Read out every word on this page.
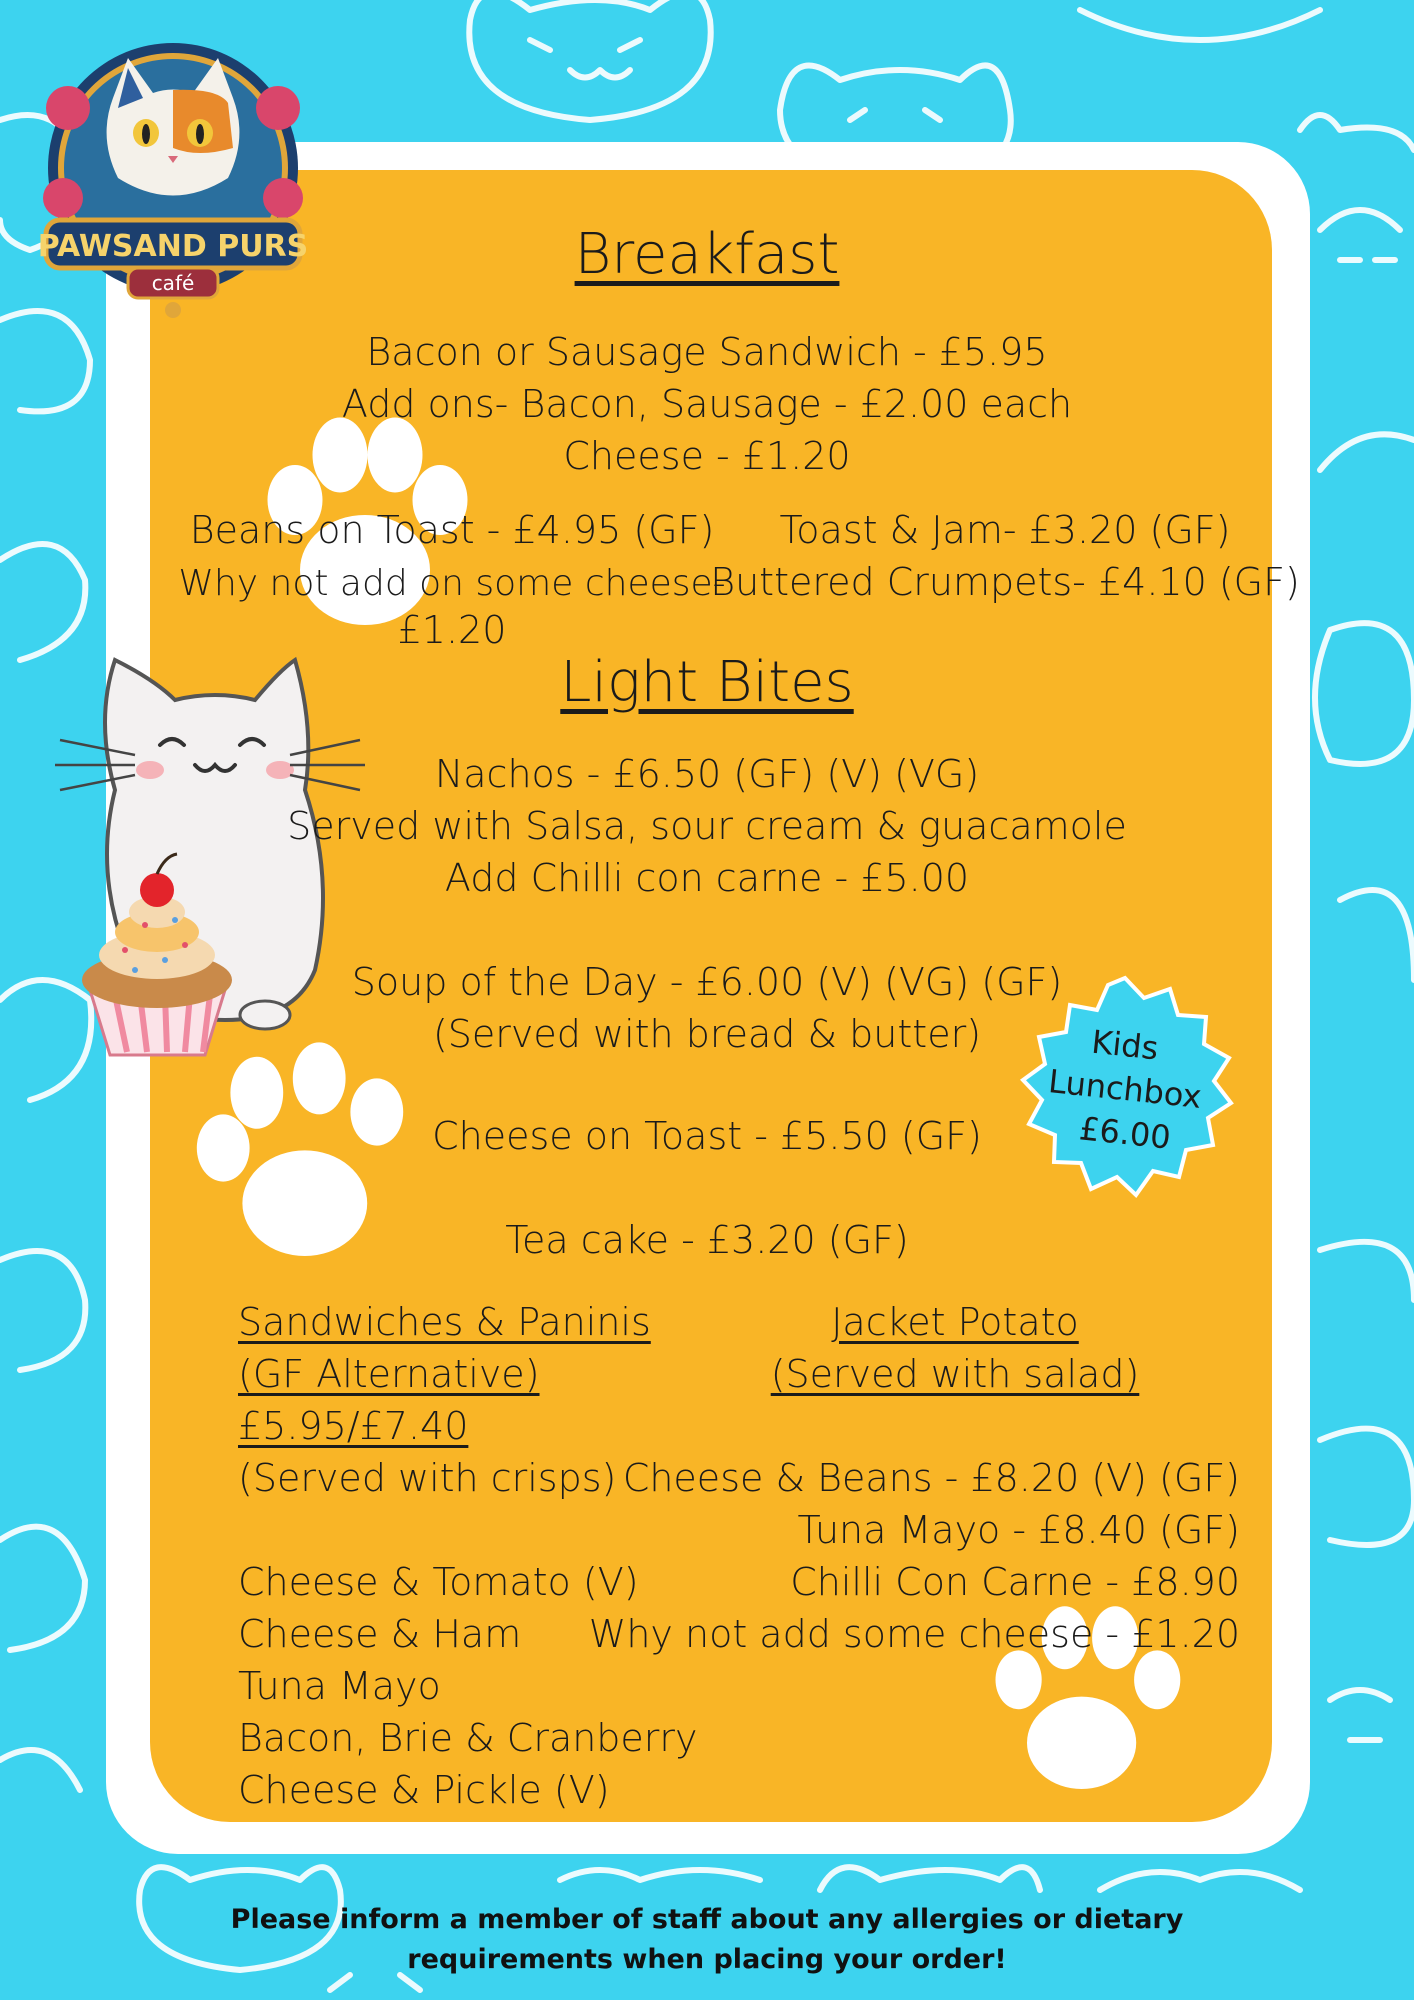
PAWSAND PURS
café	Breakfast
Bacon or Sausage Sandwich - £5.95
Add ons- Bacon, Sausage - £2.00 each
Cheese - £1.20
Beans on Toast - £4.95 (GF)
Why not add on some cheese-
£1.20
Toast & Jam- £3.20 (GF)
Buttered Crumpets- £4.10 (GF)
Light Bites
Nachos - £6.50 (GF) (V) (VG)
Served with Salsa, sour cream & guacamole
Add Chilli con carne - £5.00
Soup of the Day - £6.00 (V) (VG) (GF)
(Served with bread & butter)
Cheese on Toast - £5.50 (GF)
Tea cake - £3.20 (GF)
Kids
Lunchbox
£6.00
Sandwiches & Paninis
(GF Alternative)
£5.95/£7.40
(Served with crisps)
Cheese & Tomato (V)
Cheese & Ham
Tuna Mayo
Bacon, Brie & Cranberry
Cheese & Pickle (V)
Jacket Potato
(Served with salad)
Cheese & Beans - £8.20 (V) (GF)
Tuna Mayo - £8.40 (GF)
Chilli Con Carne - £8.90
Why not add some cheese - £1.20
Please inform a member of staff about any allergies or dietary
requirements when placing your order!
